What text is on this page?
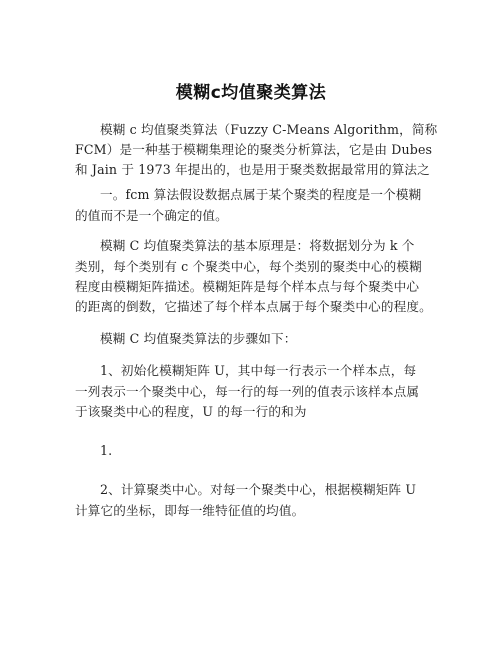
模糊c均值聚类算法
模糊 c 均值聚类算法（Fuzzy C-Means Algorithm，简称
FCM）是一种基于模糊集理论的聚类分析算法，它是由 Dubes
和 Jain 于 1973 年提出的，也是用于聚类数据最常用的算法之
一。fcm 算法假设数据点属于某个聚类的程度是一个模糊
的值而不是一个确定的值。
模糊 C 均值聚类算法的基本原理是：将数据划分为 k 个
类别，每个类别有 c 个聚类中心，每个类别的聚类中心的模糊
程度由模糊矩阵描述。模糊矩阵是每个样本点与每个聚类中心
的距离的倒数，它描述了每个样本点属于每个聚类中心的程度。
模糊 C 均值聚类算法的步骤如下：
1、初始化模糊矩阵 U，其中每一行表示一个样本点，每
一列表示一个聚类中心，每一行的每一列的值表示该样本点属
于该聚类中心的程度，U 的每一行的和为
1.
2、计算聚类中心。对每一个聚类中心，根据模糊矩阵 U
计算它的坐标，即每一维特征值的均值。
